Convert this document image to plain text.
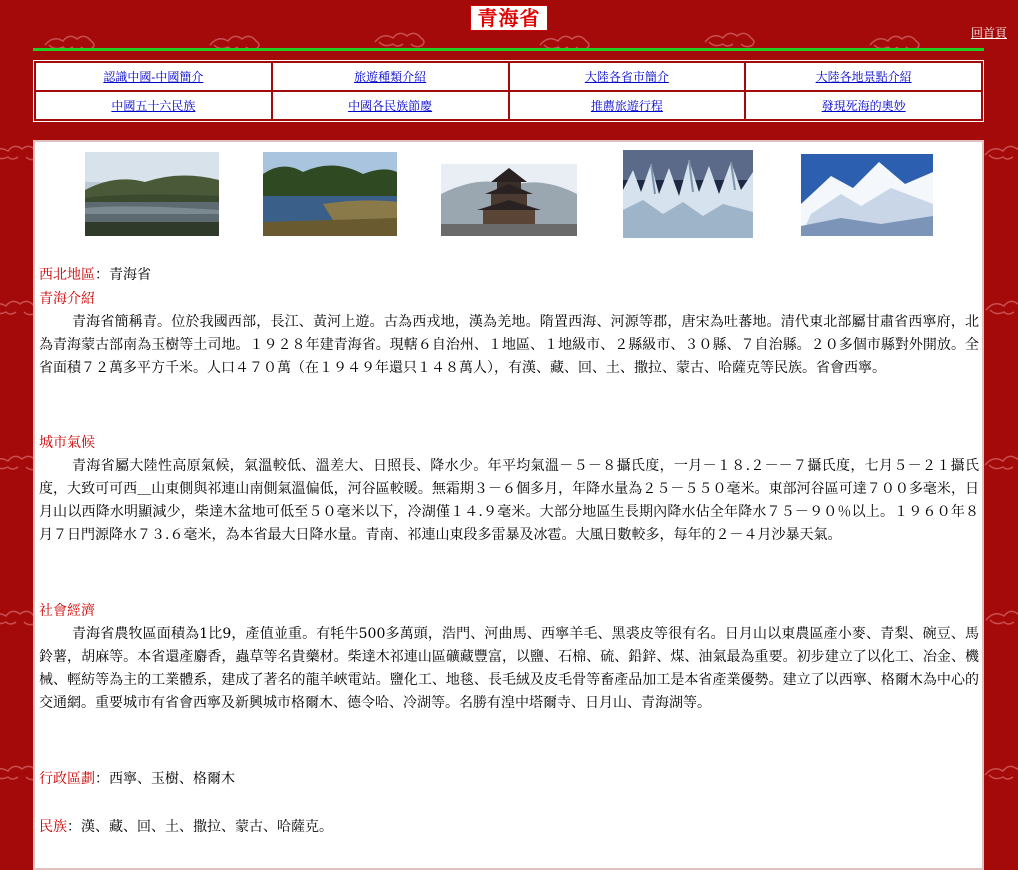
青海省
回首頁
認識中國-中國簡介	旅遊種類介紹	大陸各省市簡介	大陸各地景點介紹
中國五十六民族	中國各民族節慶	推薦旅遊行程	發現死海的奧妙
西北地區：青海省
青海介紹

青海省簡稱青。位於我國西部，長江、黃河上遊。古為西戎地，漢為羌地。隋置西海、河源等郡，唐宋為吐蕃地。清代東北部屬甘肅省西寧府，北為青海蒙古部南為玉樹等土司地。１９２８年建青海省。現轄６自治州、１地區、１地級市、２縣級市、３０縣、７自治縣。２０多個市縣對外開放。全省面積７２萬多平方千米。人口４７０萬（在１９４９年還只１４８萬人），有漢、藏、回、土、撒拉、蒙古、哈薩克等民族。省會西寧。

城市氣候

青海省屬大陸性高原氣候，氣溫較低、溫差大、日照長、降水少。年平均氣溫－５－８攝氏度，一月－１８.２－－７攝氏度，七月５－２１攝氏度，大致可可西＿山東側與祁連山南側氣溫偏低，河谷區較暖。無霜期３－６個多月，年降水量為２５－５５０毫米。東部河谷區可達７００多毫米，日月山以西降水明顯減少，柴達木盆地可低至５０毫米以下，冷湖僅１４.９毫米。大部分地區生長期內降水佔全年降水７５－９０％以上。１９６０年８月７日門源降水７３.６毫米，為本省最大日降水量。青南、祁連山東段多雷暴及冰雹。大風日數較多，每年的２－４月沙暴天氣。

社會經濟

青海省農牧區面積為1比9，產值並重。有牦牛500多萬頭，浩門、河曲馬、西寧羊毛、黑裘皮等很有名。日月山以東農區產小麥、青梨、碗豆、馬鈴薯，胡麻等。本省還產麝香，蟲草等名貴藥材。柴達木祁連山區礦藏豐富，以鹽、石棉、硫、鉛鋅、煤、油氣最為重要。初步建立了以化工、冶金、機械、輕紡等為主的工業體系，建成了著名的龍羊峽電站。鹽化工、地毯、長毛絨及皮毛骨等畜產品加工是本省產業優勢。建立了以西寧、格爾木為中心的交通網。重要城市有省會西寧及新興城市格爾木、德令哈、冷湖等。名勝有湟中塔爾寺、日月山、青海湖等。

行政區劃：西寧、玉樹、格爾木
民族：漢、藏、回、土、撒拉、蒙古、哈薩克。
